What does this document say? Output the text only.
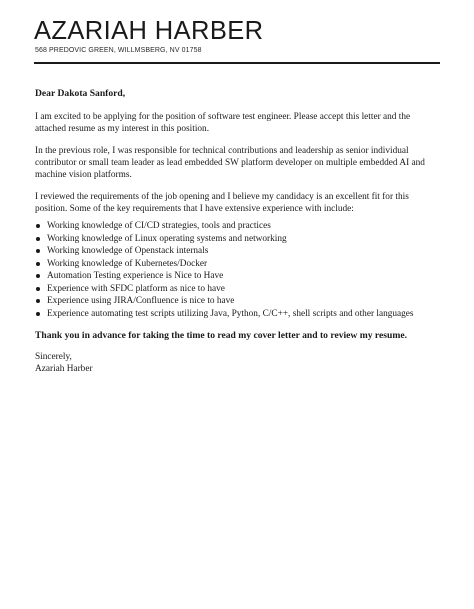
AZARIAH HARBER
568 PREDOVIC GREEN, WILLMSBERG, NV 01758

Dear Dakota Sanford,

I am excited to be applying for the position of software test engineer. Please accept this letter and the attached resume as my interest in this position.

In the previous role, I was responsible for technical contributions and leadership as senior individual contributor or small team leader as lead embedded SW platform developer on multiple embedded AI and machine vision platforms.

I reviewed the requirements of the job opening and I believe my candidacy is an excellent fit for this position. Some of the key requirements that I have extensive experience with include:

Working knowledge of CI/CD strategies, tools and practices
Working knowledge of Linux operating systems and networking
Working knowledge of Openstack internals
Working knowledge of Kubernetes/Docker
Automation Testing experience is Nice to Have
Experience with SFDC platform as nice to have
Experience using JIRA/Confluence is nice to have
Experience automating test scripts utilizing Java, Python, C/C++, shell scripts and other languages

Thank you in advance for taking the time to read my cover letter and to review my resume.

Sincerely,

Azariah Harber
